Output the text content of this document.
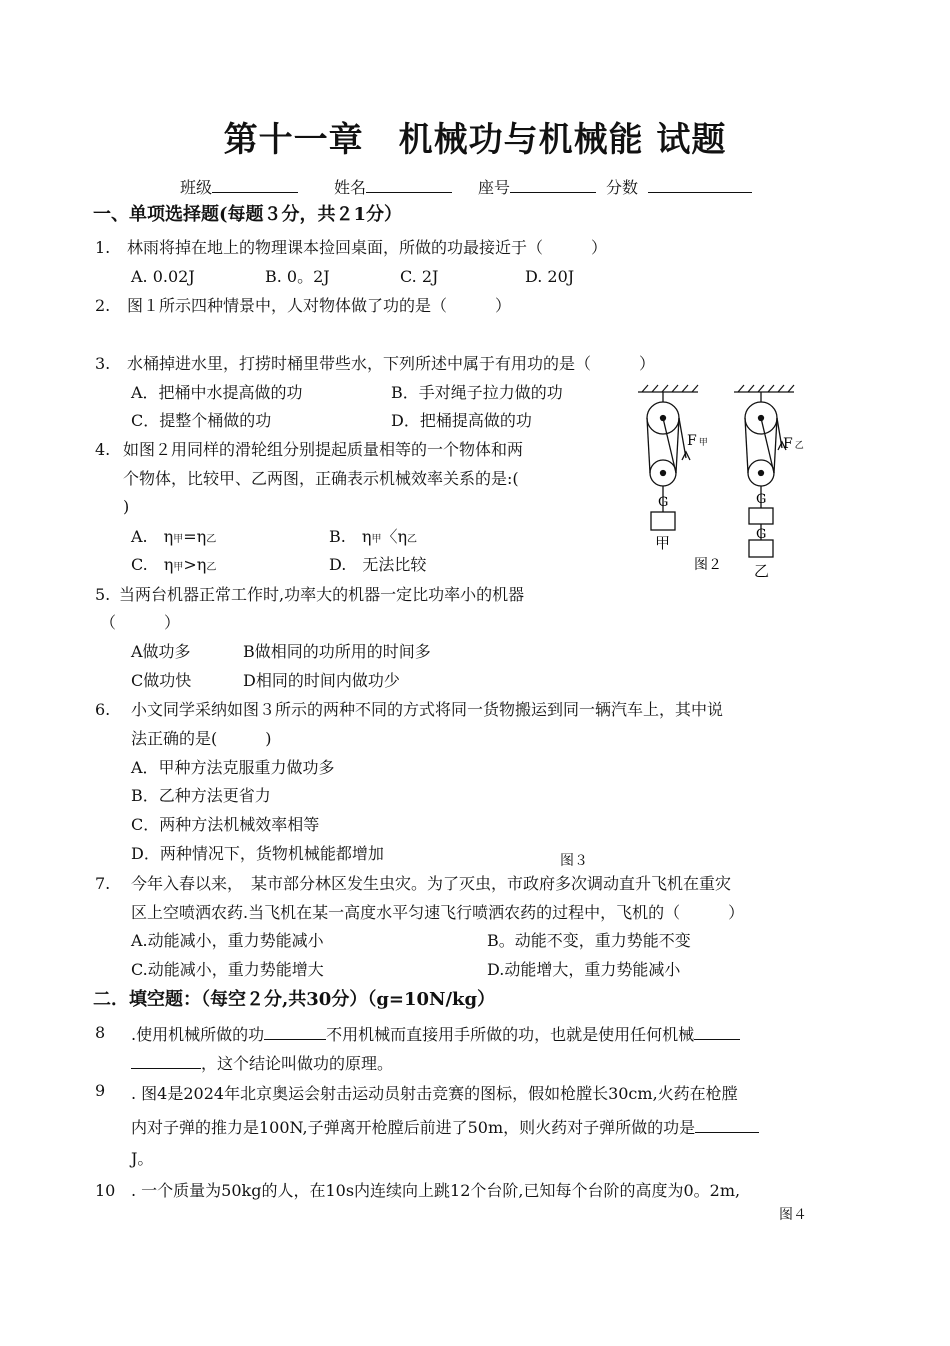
第十一章　机械功与机械能 试题
班级	姓名	座号	分数
一、单项选择题(每题３分，共２1分）
1. 林雨将掉在地上的物理课本捡回桌面，所做的功最接近于（　　　）
A. 0.02J	B. 0。2J	C. 2J	D. 20J
2. 图１所示四种情景中，人对物体做了功的是（　　　）
3. 水桶掉进水里，打捞时桶里带些水，下列所述中属于有用功的是（　　　）
A．把桶中水提高做的功	B．手对绳子拉力做的功
C．提整个桶做的功	D．把桶提高做的功
4. 如图２用同样的滑轮组分别提起质量相等的一个物体和两
个物体，比较甲、乙两图，正确表示机械效率关系的是:(
)
A.　η甲=η乙	B.　η甲〈η乙
C.　η甲>η乙	D.　无法比较
F甲	F乙
G	G
G
甲
乙
图２
5. 当两台机器正常工作时,功率大的机器一定比功率小的机器
（　　　）
A做功多	B做相同的功所用的时间多
C做功快	D相同的时间内做功少
6. 小文同学采纳如图３所示的两种不同的方式将同一货物搬运到同一辆汽车上，其中说
法正确的是(　　　)
A．甲种方法克服重力做功多
B．乙种方法更省力
C．两种方法机械效率相等
D．两种情况下，货物机械能都增加	图３
7. 今年入春以来，　某市部分林区发生虫灾。为了灭虫，市政府多次调动直升飞机在重灾
区上空喷洒农药.当飞机在某一高度水平匀速飞行喷洒农药的过程中，飞机的（　　　）
A.动能减小，重力势能减小	B。动能不变，重力势能不变
C.动能减小，重力势能增大	D.动能增大，重力势能减小
二．填空题：（每空２分,共30分）（g=10N/kg）
8 .使用机械所做的功	不用机械而直接用手所做的功，也就是使用任何机械
，这个结论叫做功的原理。
9 . 图4是2024年北京奥运会射击运动员射击竞赛的图标，假如枪膛长30cm,火药在枪膛
内对子弹的推力是100N,子弹离开枪膛后前进了50m，则火药对子弹所做的功是
J。
10 . 一个质量为50kg的人，在10s内连续向上跳12个台阶,已知每个台阶的高度为0。2m,
图４
